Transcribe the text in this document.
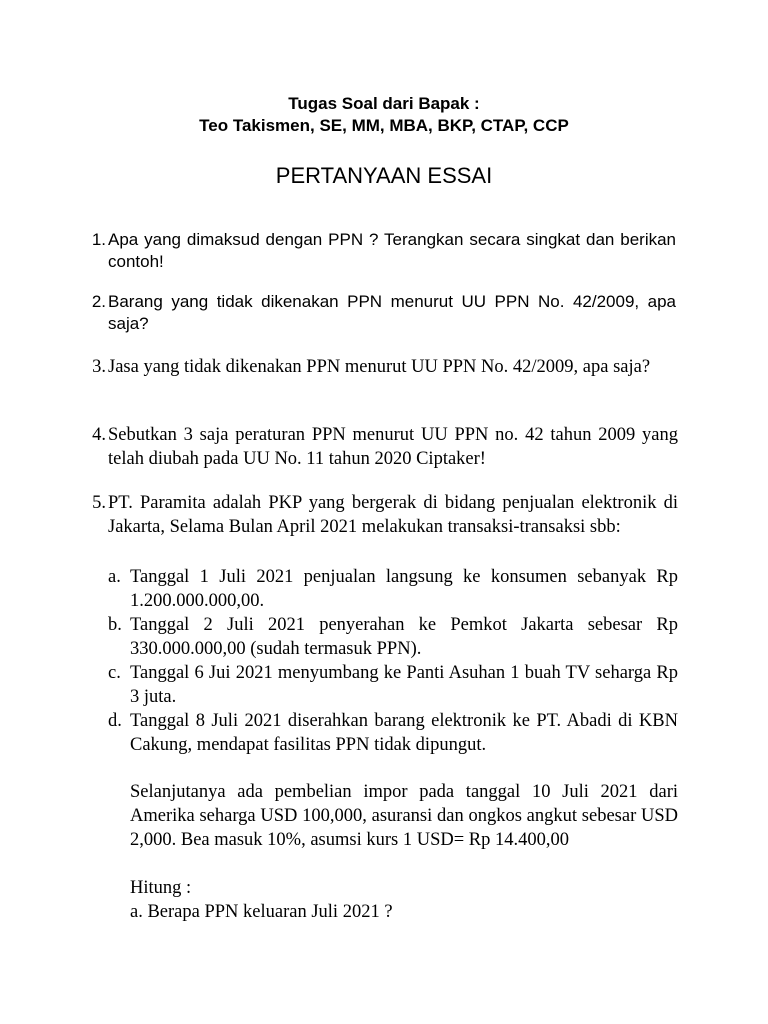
Tugas Soal dari Bapak :
Teo Takismen, SE, MM, MBA, BKP, CTAP, CCP
PERTANYAAN ESSAI
1. Apa yang dimaksud dengan PPN ? Terangkan secara singkat dan berikan contoh!
2. Barang yang tidak dikenakan PPN menurut UU PPN No. 42/2009, apa saja?
3. Jasa yang tidak dikenakan PPN menurut UU PPN No. 42/2009, apa saja?
4. Sebutkan 3 saja peraturan PPN menurut UU PPN no. 42 tahun 2009 yang telah diubah pada UU No. 11 tahun 2020 Ciptaker!
5. PT. Paramita adalah PKP yang bergerak di bidang penjualan elektronik di Jakarta, Selama Bulan April 2021 melakukan transaksi-transaksi sbb:
a. Tanggal 1 Juli 2021 penjualan langsung ke konsumen sebanyak Rp 1.200.000.000,00.
b. Tanggal 2 Juli 2021 penyerahan ke Pemkot Jakarta sebesar Rp 330.000.000,00 (sudah termasuk PPN).
c. Tanggal 6 Jui 2021 menyumbang ke Panti Asuhan 1 buah TV seharga Rp 3 juta.
d. Tanggal 8 Juli 2021 diserahkan barang elektronik ke PT. Abadi di KBN Cakung, mendapat fasilitas PPN tidak dipungut.
Selanjutanya ada pembelian impor pada tanggal 10 Juli 2021 dari Amerika seharga USD 100,000, asuransi dan ongkos angkut sebesar USD 2,000. Bea masuk 10%, asumsi kurs 1 USD= Rp 14.400,00
Hitung :
a. Berapa PPN keluaran Juli 2021 ?
